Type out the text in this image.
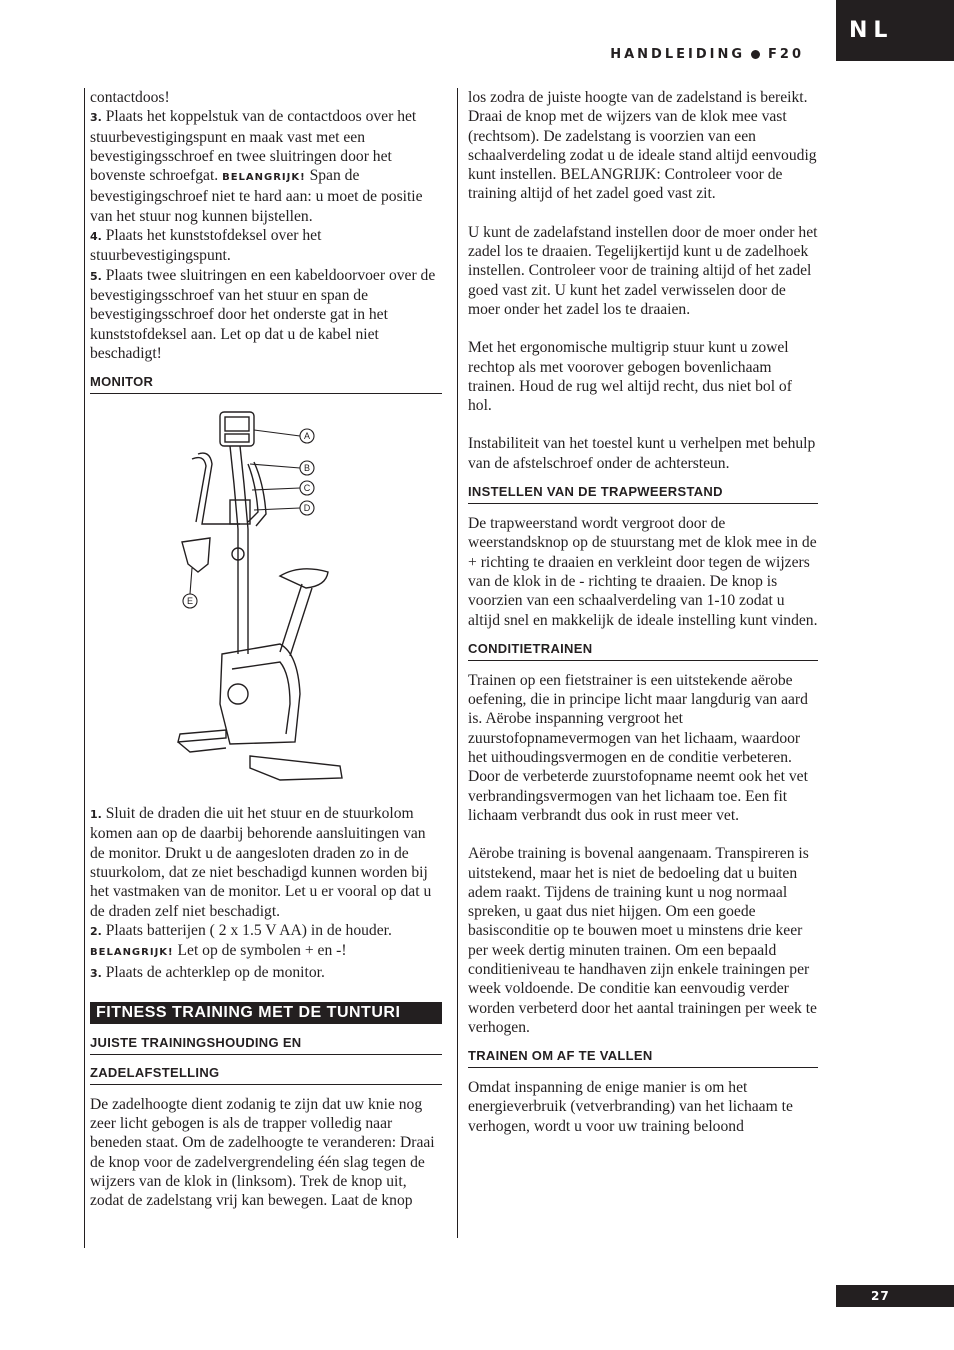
HANDLEIDING F20
NL

contactdoos!

3. Plaats het koppelstuk van de contactdoos over het stuurbevestigingspunt en maak vast met een bevestigingsschroef en twee sluitringen door het bovenste schroefgat. BELANGRIJK! Span de bevestigingschroef niet te hard aan: u moet de positie van het stuur nog kunnen bijstellen.

4. Plaats het kunststofdeksel over het stuurbevestigingspunt.

5. Plaats twee sluitringen en een kabeldoorvoer over de bevestigingsschroef van het stuur en span de bevestigingsschroef door het onderste gat in het kunststofdeksel aan. Let op dat u de kabel niet beschadigt!

MONITOR
A
B
C
D
E

1. Sluit de draden die uit het stuur en de stuurkolom komen aan op de daarbij behorende aansluitingen van de monitor. Drukt u de aangesloten draden zo in de stuurkolom, dat ze niet beschadigd kunnen worden bij het vastmaken van de monitor. Let u er vooral op dat u de draden zelf niet beschadigt.

2. Plaats batterijen ( 2 x 1.5 V AA) in de houder.
BELANGRIJK! Let op de symbolen + en -!

3. Plaats de achterklep op de monitor.

FITNESS TRAINING MET DE TUNTURI
JUISTE TRAININGSHOUDING EN
ZADELAFSTELLING

De zadelhoogte dient zodanig te zijn dat uw knie nog zeer licht gebogen is als de trapper volledig naar beneden staat. Om de zadelhoogte te veranderen: Draai de knop voor de zadelvergrendeling één slag tegen de wijzers van de klok in (linksom). Trek de knop uit, zodat de zadelstang vrij kan bewegen. Laat de knop

los zodra de juiste hoogte van de zadelstand is bereikt. Draai de knop met de wijzers van de klok mee vast (rechtsom). De zadelstang is voorzien van een schaalverdeling zodat u de ideale stand altijd eenvoudig kunt instellen. BELANGRIJK: Controleer voor de training altijd of het zadel goed vast zit.

U kunt de zadelafstand instellen door de moer onder het zadel los te draaien. Tegelijkertijd kunt u de zadelhoek instellen. Controleer voor de training altijd of het zadel goed vast zit. U kunt het zadel verwisselen door de moer onder het zadel los te draaien.

Met het ergonomische multigrip stuur kunt u zowel rechtop als met voorover gebogen bovenlichaam trainen. Houd de rug wel altijd recht, dus niet bol of hol.

Instabiliteit van het toestel kunt u verhelpen met behulp van de afstelschroef onder de achtersteun.

INSTELLEN VAN DE TRAPWEERSTAND

De trapweerstand wordt vergroot door de weerstandsknop op de stuurstang met de klok mee in de + richting te draaien en verkleint door tegen de wijzers van de klok in de - richting te draaien. De knop is voorzien van een schaalverdeling van 1-10 zodat u altijd snel en makkelijk de ideale instelling kunt vinden.

CONDITIETRAINEN

Trainen op een fietstrainer is een uitstekende aërobe oefening, die in principe licht maar langdurig van aard is. Aërobe inspanning vergroot het zuurstofopnamevermogen van het lichaam, waardoor het uithoudingsvermogen en de conditie verbeteren. Door de verbeterde zuurstofopname neemt ook het vet verbrandingsvermogen van het lichaam toe. Een fit lichaam verbrandt dus ook in rust meer vet.

Aërobe training is bovenal aangenaam. Transpireren is uitstekend, maar het is niet de bedoeling dat u buiten adem raakt. Tijdens de training kunt u nog normaal spreken, u gaat dus niet hijgen. Om een goede basisconditie op te bouwen moet u minstens drie keer per week dertig minuten trainen. Om een bepaald conditieniveau te handhaven zijn enkele trainingen per week voldoende. De conditie kan eenvoudig verder worden verbeterd door het aantal trainingen per week te verhogen.

TRAINEN OM AF TE VALLEN

Omdat inspanning de enige manier is om het energieverbruik (vetverbranding) van het lichaam te verhogen, wordt u voor uw training beloond

27
